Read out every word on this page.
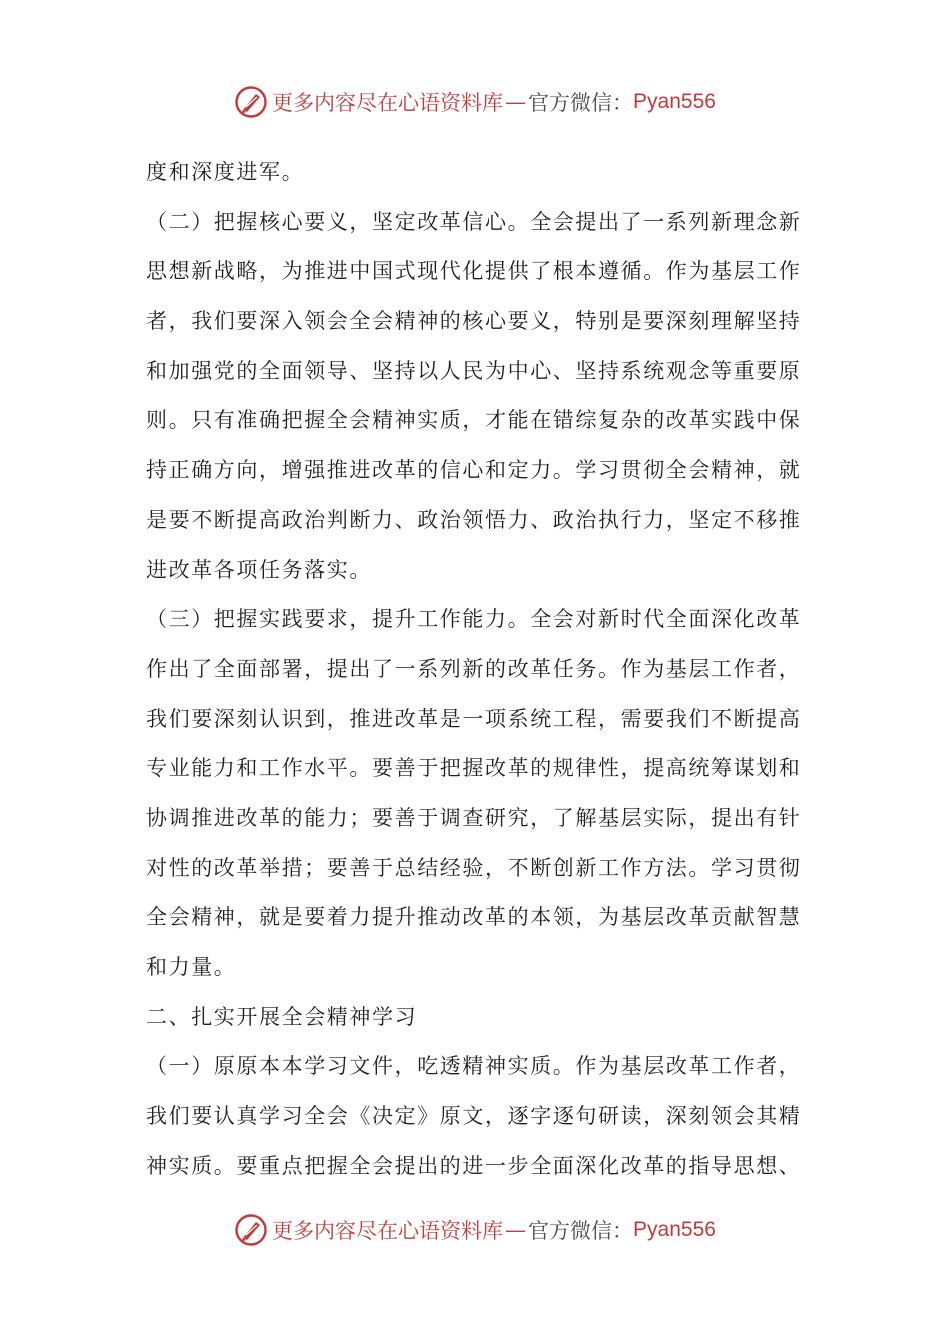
更多内容尽在心语资料库 — 官方微信： Pyan556
度和深度进军。
（二）把握核心要义，坚定改革信心。全会提出了一系列新理念新
思想新战略，为推进中国式现代化提供了根本遵循。作为基层工作
者，我们要深入领会全会精神的核心要义，特别是要深刻理解坚持
和加强党的全面领导、坚持以人民为中心、坚持系统观念等重要原
则。只有准确把握全会精神实质，才能在错综复杂的改革实践中保
持正确方向，增强推进改革的信心和定力。学习贯彻全会精神，就
是要不断提高政治判断力、政治领悟力、政治执行力，坚定不移推
进改革各项任务落实。
（三）把握实践要求，提升工作能力。全会对新时代全面深化改革
作出了全面部署，提出了一系列新的改革任务。作为基层工作者，
我们要深刻认识到，推进改革是一项系统工程，需要我们不断提高
专业能力和工作水平。要善于把握改革的规律性，提高统筹谋划和
协调推进改革的能力；要善于调查研究，了解基层实际，提出有针
对性的改革举措；要善于总结经验，不断创新工作方法。学习贯彻
全会精神，就是要着力提升推动改革的本领，为基层改革贡献智慧
和力量。
二、扎实开展全会精神学习
（一）原原本本学习文件，吃透精神实质。作为基层改革工作者，
我们要认真学习全会《决定》原文，逐字逐句研读，深刻领会其精
神实质。要重点把握全会提出的进一步全面深化改革的指导思想、
更多内容尽在心语资料库 — 官方微信： Pyan556
